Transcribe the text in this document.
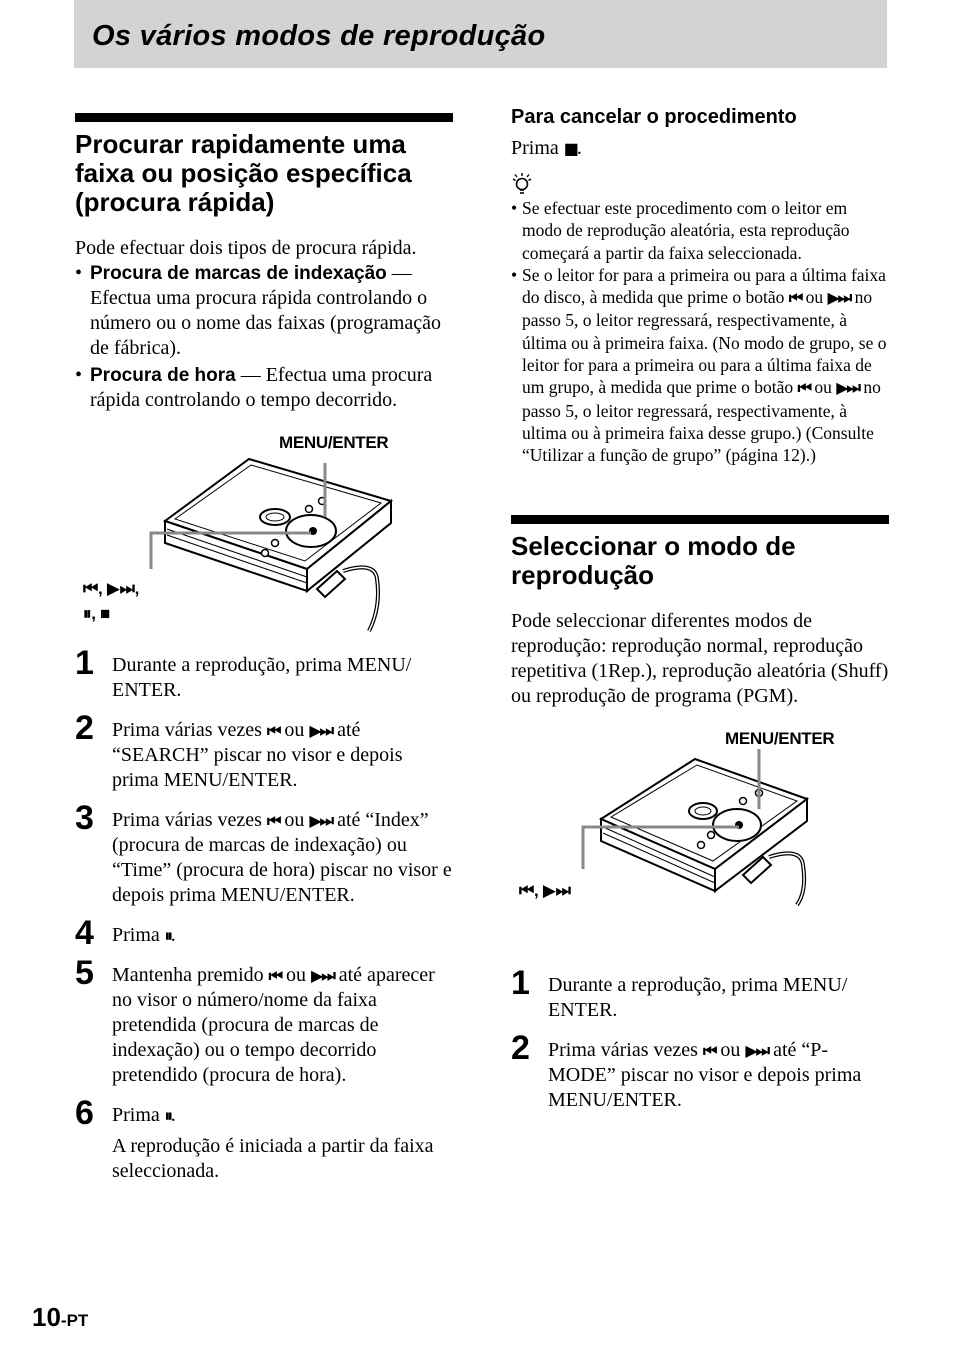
Os vários modos de reprodução
Procurar rapidamente uma faixa ou posição específica (procura rápida)

Pode efectuar dois tipos de procura rápida.

• Procura de marcas de indexação — Efectua uma procura rápida controlando o número ou o nome das faixas (programação de fábrica).
• Procura de hora — Efectua uma procura rápida controlando o tempo decorrido.
MENU/ENTER
⏮, ▶⏭,
⏸, ■
1 Durante a reprodução, prima MENU/ ENTER.
2 Prima várias vezes ⏮ ou ▶⏭ até “SEARCH” piscar no visor e depois prima MENU/ENTER.
3 Prima várias vezes ⏮ ou ▶⏭ até “Index” (procura de marcas de indexação) ou “Time” (procura de hora) piscar no visor e depois prima MENU/ENTER.
4 Prima ⏸.
5 Mantenha premido ⏮ ou ▶⏭ até aparecer no visor o número/nome da faixa pretendida (procura de marcas de indexação) ou o tempo decorrido pretendido (procura de hora).
6 Prima ⏸.
A reprodução é iniciada a partir da faixa seleccionada.
Para cancelar o procedimento

Prima ■.

• Se efectuar este procedimento com o leitor em modo de reprodução aleatória, esta reprodução começará a partir da faixa seleccionada.
• Se o leitor for para a primeira ou para a última faixa do disco, à medida que prime o botão ⏮ ou ▶⏭ no passo 5, o leitor regressará, respectivamente, à última ou à primeira faixa. (No modo de grupo, se o leitor for para a primeira ou para a última faixa de um grupo, à medida que prime o botão ⏮ ou ▶⏭ no passo 5, o leitor regressará, respectivamente, à ultima ou à primeira faixa desse grupo.) (Consulte “Utilizar a função de grupo” (página 12).)
Seleccionar o modo de reprodução

Pode seleccionar diferentes modos de reprodução: reprodução normal, reprodução repetitiva (1Rep.), reprodução aleatória (Shuff) ou reprodução de programa (PGM).

MENU/ENTER
⏮, ▶⏭
1 Durante a reprodução, prima MENU/ ENTER.
2 Prima várias vezes ⏮ ou ▶⏭ até “P-MODE” piscar no visor e depois prima MENU/ENTER.
10-PT
